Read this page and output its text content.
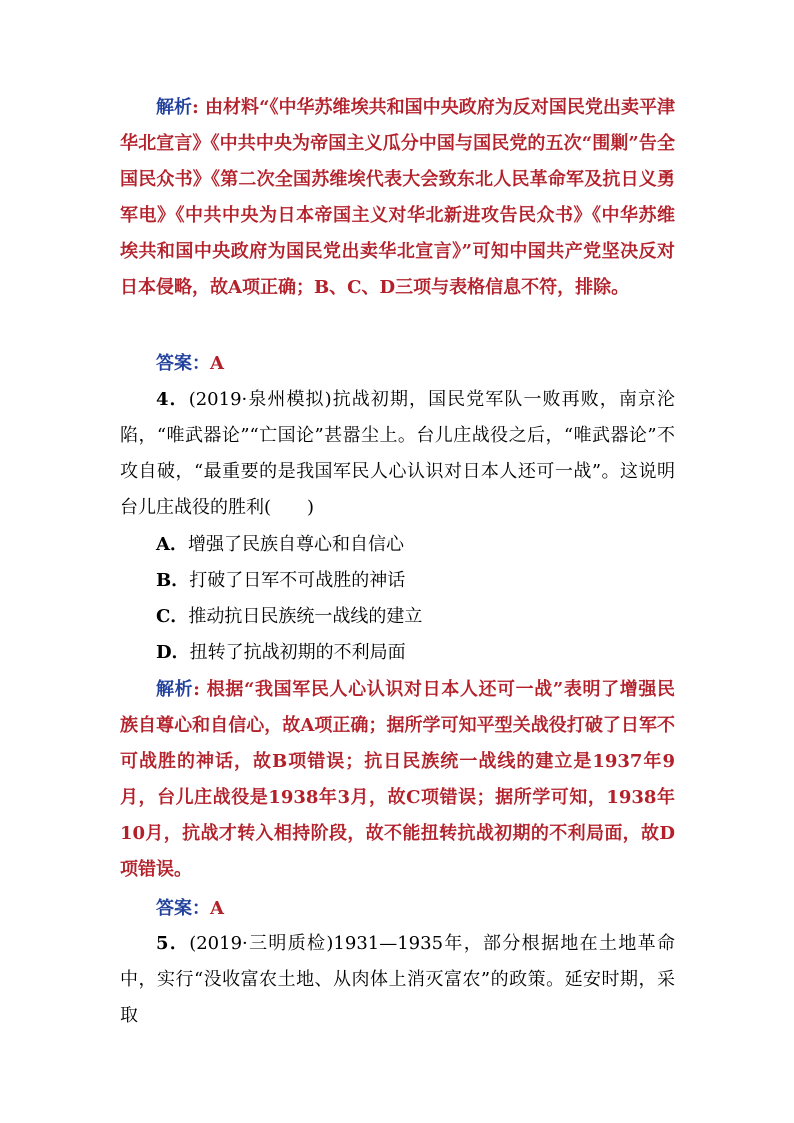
解析: 由材料“《中华苏维埃共和国中央政府为反对国民党出卖平津华北宣言》《中共中央为帝国主义瓜分中国与国民党的五次“围剿”告全国民众书》《第二次全国苏维埃代表大会致东北人民革命军及抗日义勇军电》《中共中央为日本帝国主义对华北新进攻告民众书》《中华苏维埃共和国中央政府为国民党出卖华北宣言》”可知中国共产党坚决反对日本侵略，故A项正确；B、C、D三项与表格信息不符，排除。

答案：A

4．(2019·泉州模拟)抗战初期，国民党军队一败再败，南京沦陷，“唯武器论”“亡国论”甚嚣尘上。台儿庄战役之后，“唯武器论”不攻自破，“最重要的是我国军民人心认识对日本人还可一战”。这说明台儿庄战役的胜利(　　)

A．增强了民族自尊心和自信心

B．打破了日军不可战胜的神话

C．推动抗日民族统一战线的建立

D．扭转了抗战初期的不利局面

解析: 根据“我国军民人心认识对日本人还可一战”表明了增强民族自尊心和自信心，故A项正确；据所学可知平型关战役打破了日军不可战胜的神话，故B项错误；抗日民族统一战线的建立是1937年9月，台儿庄战役是1938年3月，故C项错误；据所学可知，1938年10月，抗战才转入相持阶段，故不能扭转抗战初期的不利局面，故D项错误。

答案：A

5．(2019·三明质检)1931—1935年，部分根据地在土地革命中，实行“没收富农土地、从肉体上消灭富农”的政策。延安时期，采取
